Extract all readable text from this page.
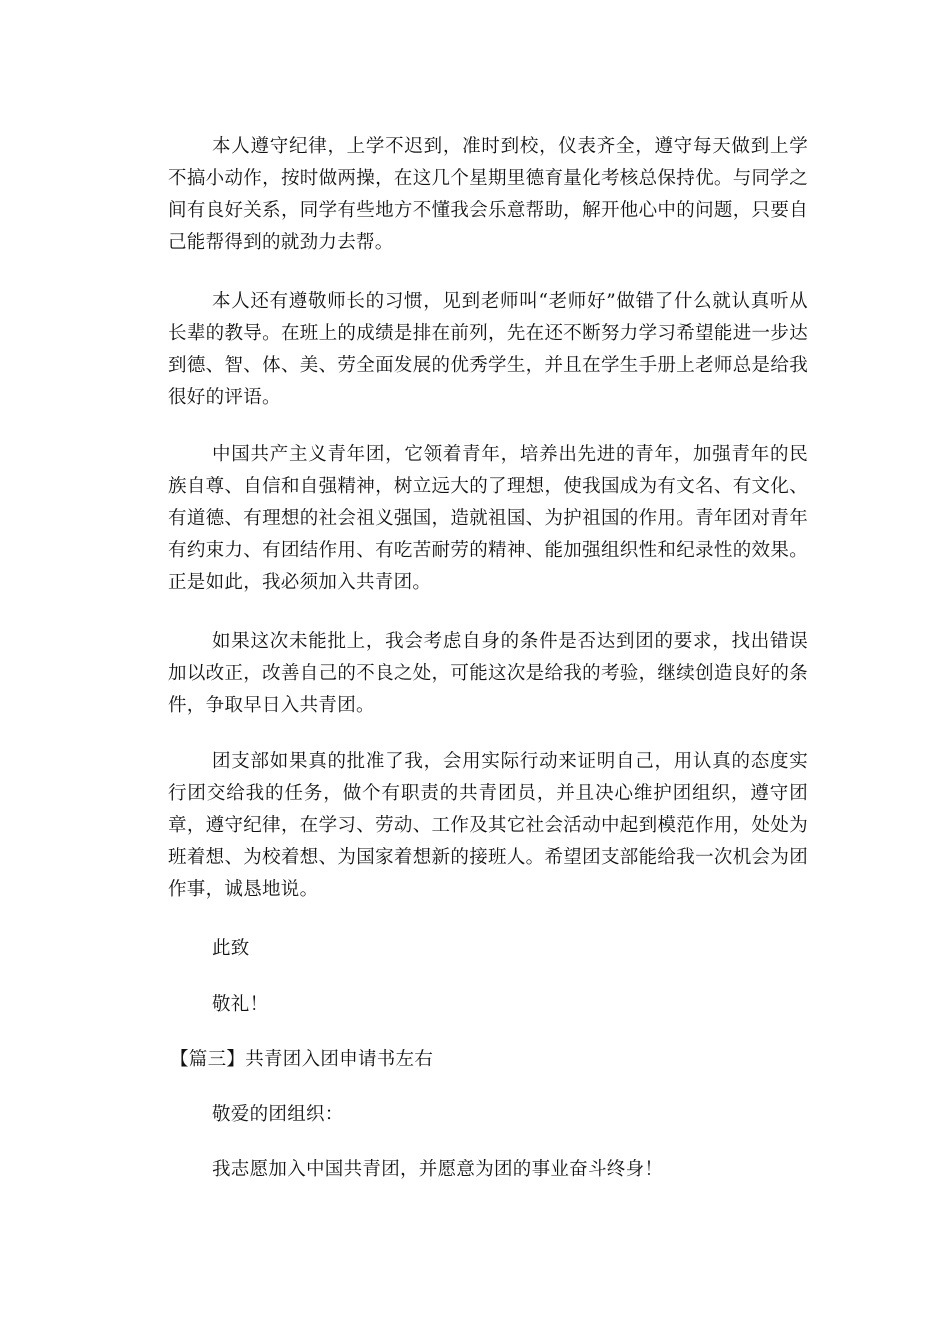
本人遵守纪律，上学不迟到，准时到校，仪表齐全，遵守每天做到上学不搞小动作，按时做两操，在这几个星期里德育量化考核总保持优。与同学之间有良好关系，同学有些地方不懂我会乐意帮助，解开他心中的问题，只要自己能帮得到的就劲力去帮。

本人还有遵敬师长的习惯，见到老师叫“老师好”做错了什么就认真听从长辈的教导。在班上的成绩是排在前列，先在还不断努力学习希望能进一步达到德、智、体、美、劳全面发展的优秀学生，并且在学生手册上老师总是给我很好的评语。

中国共产主义青年团，它领着青年，培养出先进的青年，加强青年的民族自尊、自信和自强精神，树立远大的了理想，使我国成为有文名、有文化、有道德、有理想的社会祖义强国，造就祖国、为护祖国的作用。青年团对青年有约束力、有团结作用、有吃苦耐劳的精神、能加强组织性和纪录性的效果。正是如此，我必须加入共青团。

如果这次未能批上，我会考虑自身的条件是否达到团的要求，找出错误加以改正，改善自己的不良之处，可能这次是给我的考验，继续创造良好的条件，争取早日入共青团。

团支部如果真的批准了我，会用实际行动来证明自己，用认真的态度实行团交给我的任务，做个有职责的共青团员，并且决心维护团组织，遵守团章，遵守纪律，在学习、劳动、工作及其它社会活动中起到模范作用，处处为班着想、为校着想、为国家着想新的接班人。希望团支部能给我一次机会为团作事，诚恳地说。

此致

敬礼！

【篇三】共青团入团申请书左右

敬爱的团组织：

我志愿加入中国共青团，并愿意为团的事业奋斗终身！
